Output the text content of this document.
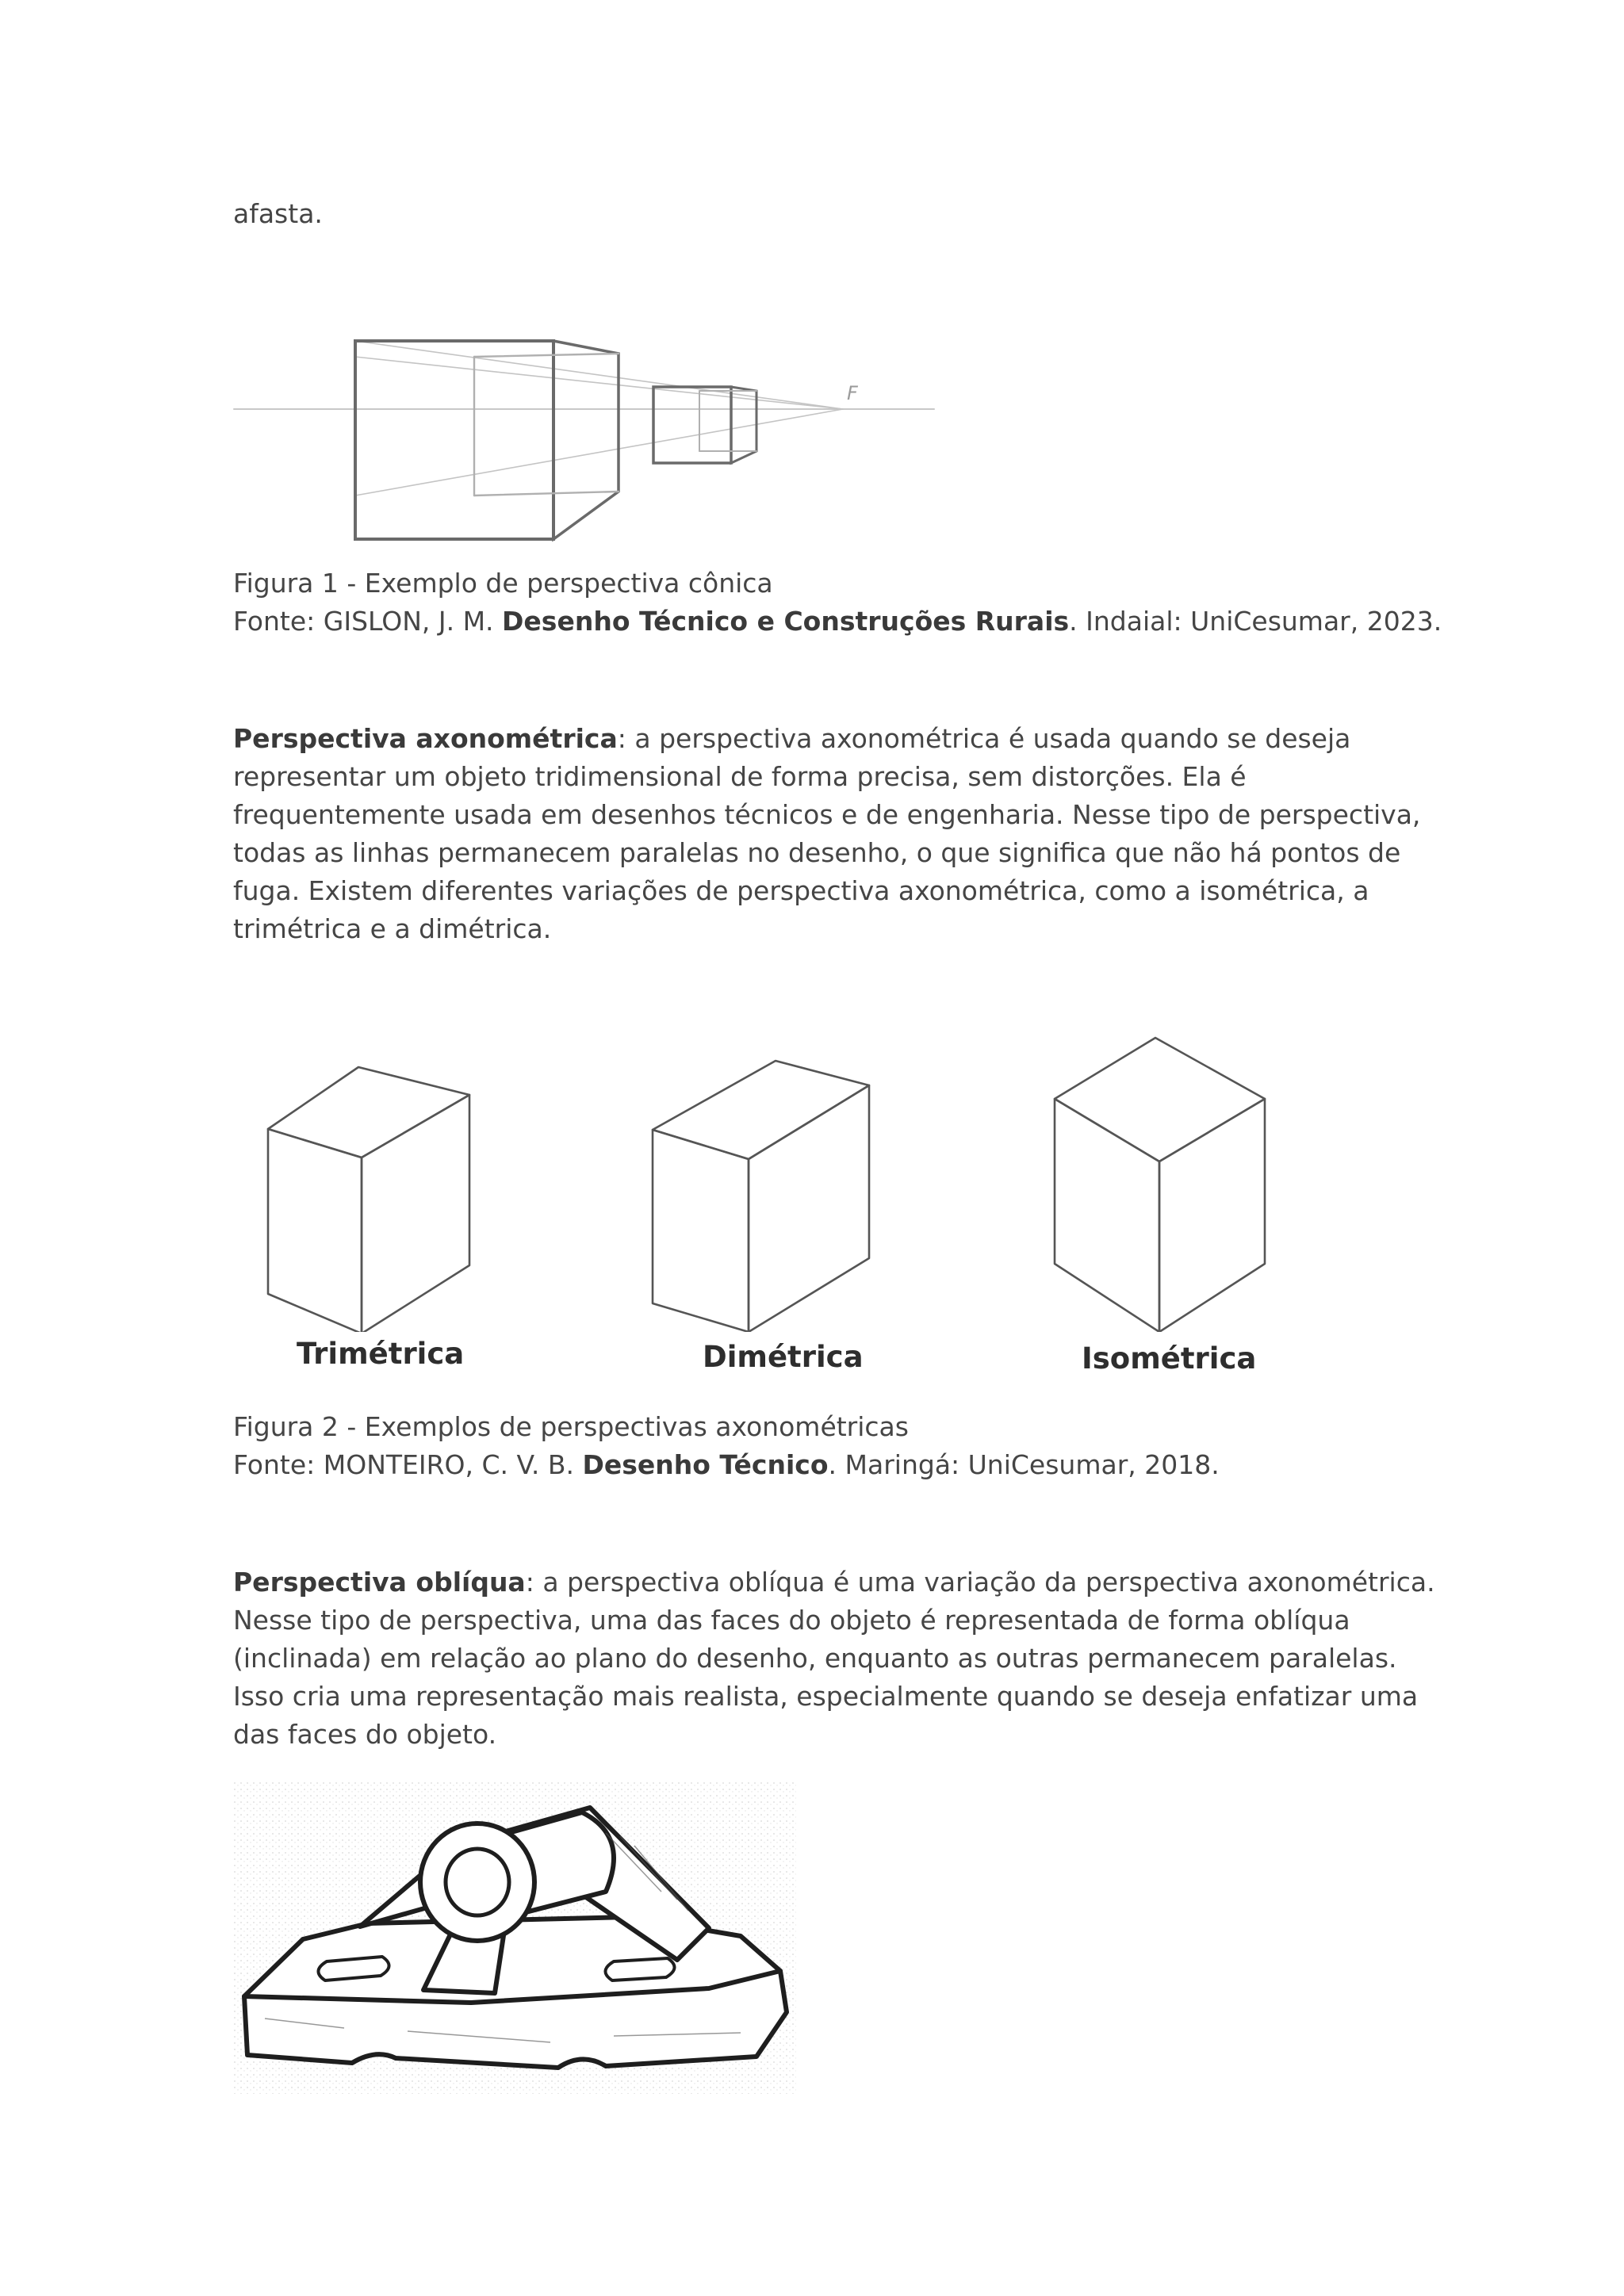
afasta.

F

Figura 1 - Exemplo de perspectiva cônica

Fonte: GISLON, J. M. Desenho Técnico e Construções Rurais. Indaial: UniCesumar, 2023.

Perspectiva axonométrica: a perspectiva axonométrica é usada quando se deseja
representar um objeto tridimensional de forma precisa, sem distorções. Ela é
frequentemente usada em desenhos técnicos e de engenharia. Nesse tipo de perspectiva,
todas as linhas permanecem paralelas no desenho, o que significa que não há pontos de
fuga. Existem diferentes variações de perspectiva axonométrica, como a isométrica, a
trimétrica e a dimétrica.
Trimétrica	Dimétrica	Isométrica

Figura 2 - Exemplos de perspectivas axonométricas

Fonte: MONTEIRO, C. V. B. Desenho Técnico. Maringá: UniCesumar, 2018.

Perspectiva oblíqua: a perspectiva oblíqua é uma variação da perspectiva axonométrica.
Nesse tipo de perspectiva, uma das faces do objeto é representada de forma oblíqua
(inclinada) em relação ao plano do desenho, enquanto as outras permanecem paralelas.
Isso cria uma representação mais realista, especialmente quando se deseja enfatizar uma
das faces do objeto.
